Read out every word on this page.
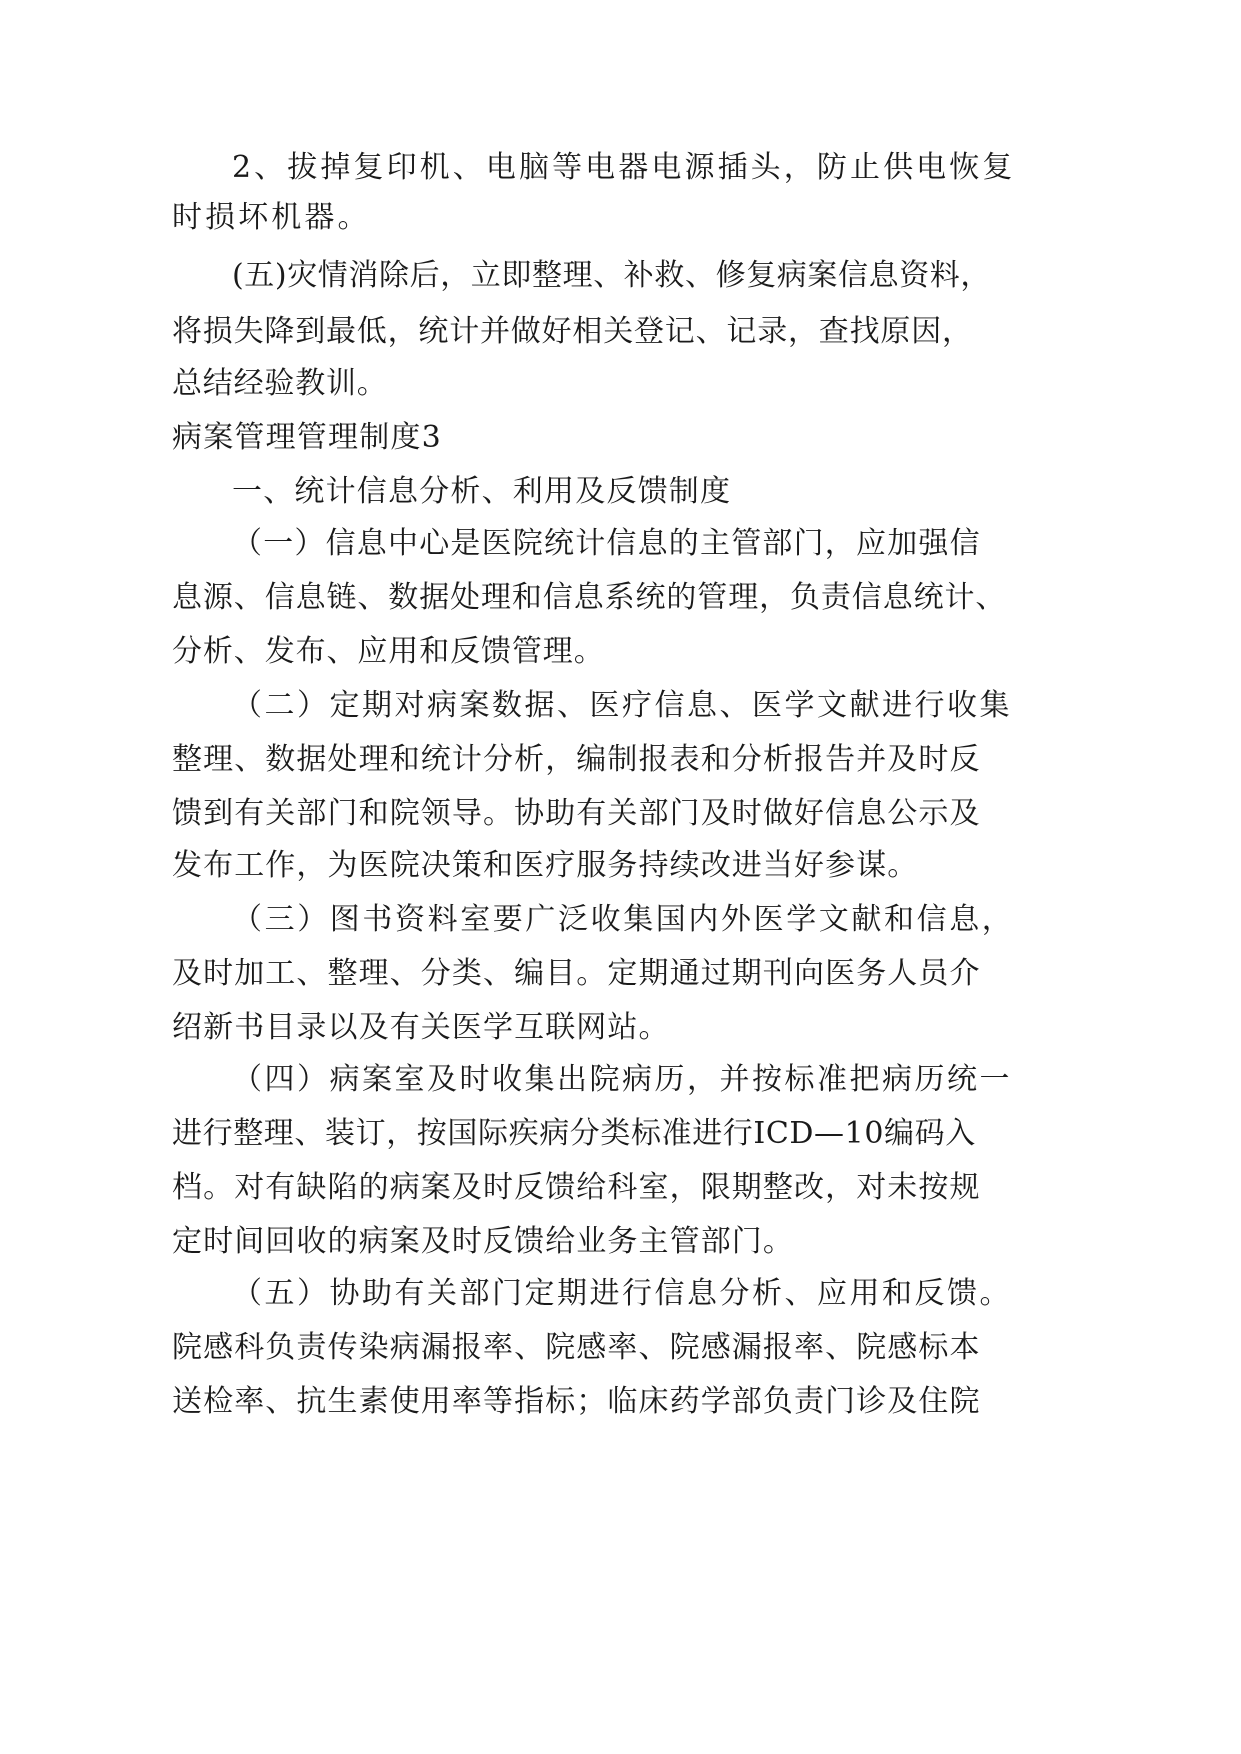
2、拔掉复印机、电脑等电器电源插头，防止供电恢复

时损坏机器。

(五)灾情消除后，立即整理、补救、修复病案信息资料，

将损失降到最低，统计并做好相关登记、记录，查找原因，

总结经验教训。

病案管理管理制度3

一、统计信息分析、利用及反馈制度

（一）信息中心是医院统计信息的主管部门，应加强信

息源、信息链、数据处理和信息系统的管理，负责信息统计、

分析、发布、应用和反馈管理。

（二）定期对病案数据、医疗信息、医学文献进行收集

整理、数据处理和统计分析，编制报表和分析报告并及时反

馈到有关部门和院领导。协助有关部门及时做好信息公示及

发布工作，为医院决策和医疗服务持续改进当好参谋。

（三）图书资料室要广泛收集国内外医学文献和信息，

及时加工、整理、分类、编目。定期通过期刊向医务人员介

绍新书目录以及有关医学互联网站。

（四）病案室及时收集出院病历，并按标准把病历统一

进行整理、装订，按国际疾病分类标准进行ICD—10编码入

档。对有缺陷的病案及时反馈给科室，限期整改，对未按规

定时间回收的病案及时反馈给业务主管部门。

（五）协助有关部门定期进行信息分析、应用和反馈。

院感科负责传染病漏报率、院感率、院感漏报率、院感标本

送检率、抗生素使用率等指标；临床药学部负责门诊及住院
